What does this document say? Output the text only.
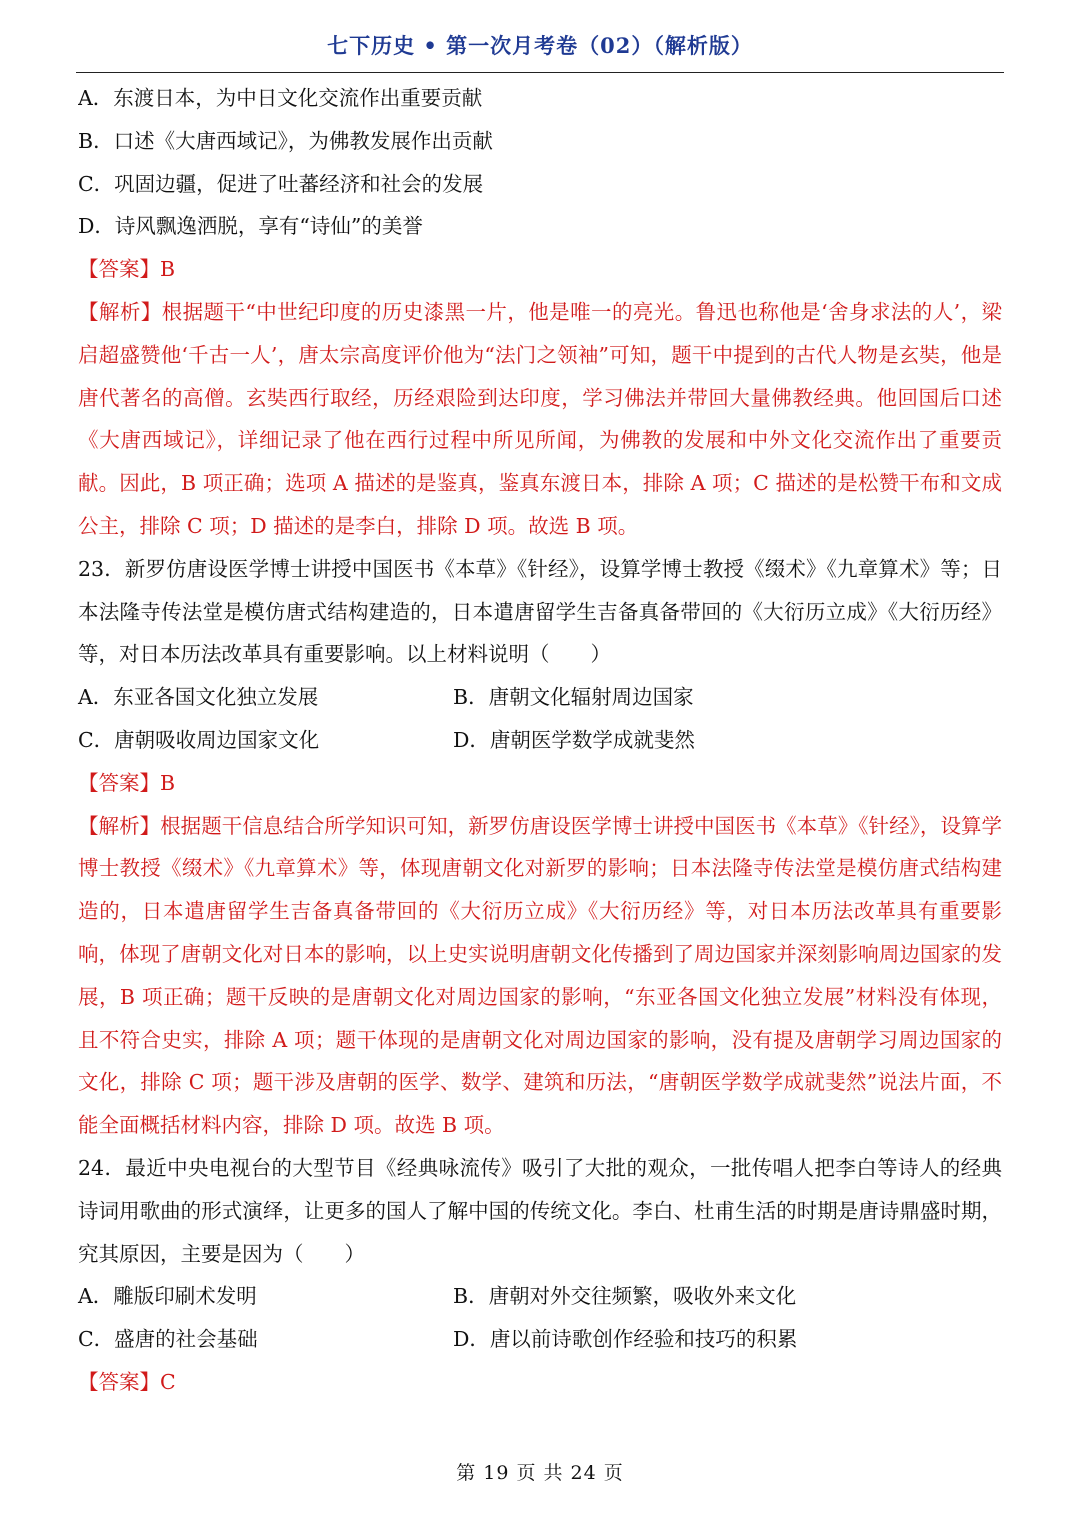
七下历史 • 第一次月考卷（02）（解析版）
A．东渡日本，为中日文化交流作出重要贡献
B．口述《大唐西域记》，为佛教发展作出贡献
C．巩固边疆，促进了吐蕃经济和社会的发展
D．诗风飘逸洒脱，享有“诗仙”的美誉
【答案】B
【解析】根据题干“中世纪印度的历史漆黑一片，他是唯一的亮光。鲁迅也称他是‘舍身求法的人’，梁启超盛赞他‘千古一人’，唐太宗高度评价他为“法门之领袖”可知，题干中提到的古代人物是玄奘，他是唐代著名的高僧。玄奘西行取经，历经艰险到达印度，学习佛法并带回大量佛教经典。他回国后口述《大唐西域记》，详细记录了他在西行过程中所见所闻，为佛教的发展和中外文化交流作出了重要贡献。因此，B 项正确；选项 A 描述的是鉴真，鉴真东渡日本，排除 A 项；C 描述的是松赞干布和文成公主，排除 C 项；D 描述的是李白，排除 D 项。故选 B 项。
23．新罗仿唐设医学博士讲授中国医书《本草》《针经》，设算学博士教授《缀术》《九章算术》等；日本法隆寺传法堂是模仿唐式结构建造的，日本遣唐留学生吉备真备带回的《大衍历立成》《大衍历经》等，对日本历法改革具有重要影响。以上材料说明（　　）
A．东亚各国文化独立发展	B．唐朝文化辐射周边国家
C．唐朝吸收周边国家文化	D．唐朝医学数学成就斐然
【答案】B
【解析】根据题干信息结合所学知识可知，新罗仿唐设医学博士讲授中国医书《本草》《针经》，设算学博士教授《缀术》《九章算术》等，体现唐朝文化对新罗的影响；日本法隆寺传法堂是模仿唐式结构建造的，日本遣唐留学生吉备真备带回的《大衍历立成》《大衍历经》等，对日本历法改革具有重要影响，体现了唐朝文化对日本的影响，以上史实说明唐朝文化传播到了周边国家并深刻影响周边国家的发展，B 项正确；题干反映的是唐朝文化对周边国家的影响，“东亚各国文化独立发展”材料没有体现，且不符合史实，排除 A 项；题干体现的是唐朝文化对周边国家的影响，没有提及唐朝学习周边国家的文化，排除 C 项；题干涉及唐朝的医学、数学、建筑和历法，“唐朝医学数学成就斐然”说法片面，不能全面概括材料内容，排除 D 项。故选 B 项。
24．最近中央电视台的大型节目《经典咏流传》吸引了大批的观众，一批传唱人把李白等诗人的经典诗词用歌曲的形式演绎，让更多的国人了解中国的传统文化。李白、杜甫生活的时期是唐诗鼎盛时期，究其原因，主要是因为（　　）
A．雕版印刷术发明	B．唐朝对外交往频繁，吸收外来文化
C．盛唐的社会基础	D．唐以前诗歌创作经验和技巧的积累
【答案】C
第 19 页 共 24 页
